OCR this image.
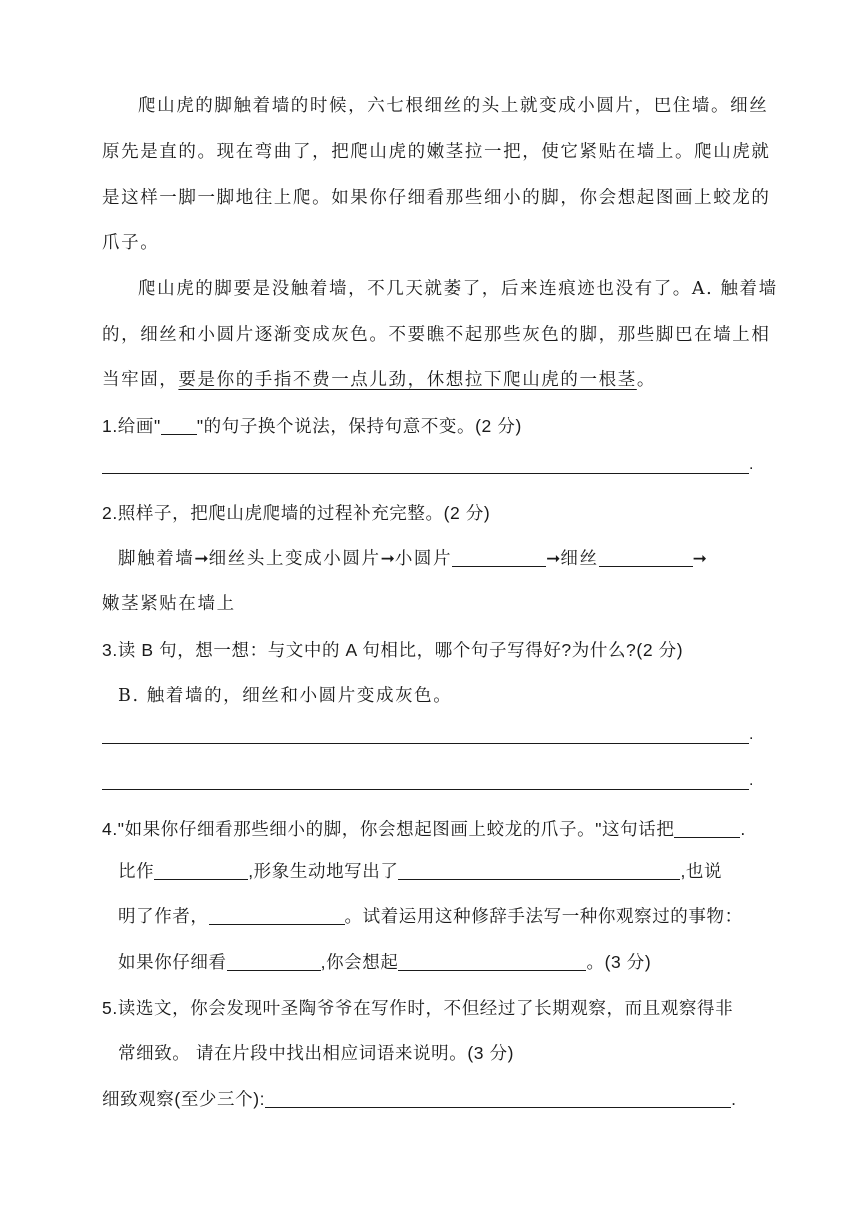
爬山虎的脚触着墙的时候，六七根细丝的头上就变成小圆片，巴住墙。细丝
原先是直的。现在弯曲了，把爬山虎的嫩茎拉一把，使它紧贴在墙上。爬山虎就
是这样一脚一脚地往上爬。如果你仔细看那些细小的脚，你会想起图画上蛟龙的
爪子。
爬山虎的脚要是没触着墙，不几天就萎了，后来连痕迹也没有了。A. 触着墙
的，细丝和小圆片逐渐变成灰色。不要瞧不起那些灰色的脚，那些脚巴在墙上相
当牢固，要是你的手指不费一点儿劲，休想拉下爬山虎的一根茎。
1.给画" "的句子换个说法，保持句意不变。(2 分)
.
2.照样子，把爬山虎爬墙的过程补充完整。(2 分)
脚触着墙➞细丝头上变成小圆片➞小圆片	➞细丝	➞
嫩茎紧贴在墙上
3.读 B 句，想一想：与文中的 A 句相比，哪个句子写得好?为什么?(2 分)
B. 触着墙的，细丝和小圆片变成灰色。
.
.
4."如果你仔细看那些细小的脚，你会想起图画上蛟龙的爪子。"这句话把	.
比作	,形象生动地写出了	,也说
明了作者，	。试着运用这种修辞手法写一种你观察过的事物：
如果你仔细看	,你会想起	。(3 分)
5.读选文，你会发现叶圣陶爷爷在写作时，不但经过了长期观察，而且观察得非
常细致。 请在片段中找出相应词语来说明。(3 分)
细致观察(至少三个):	.
